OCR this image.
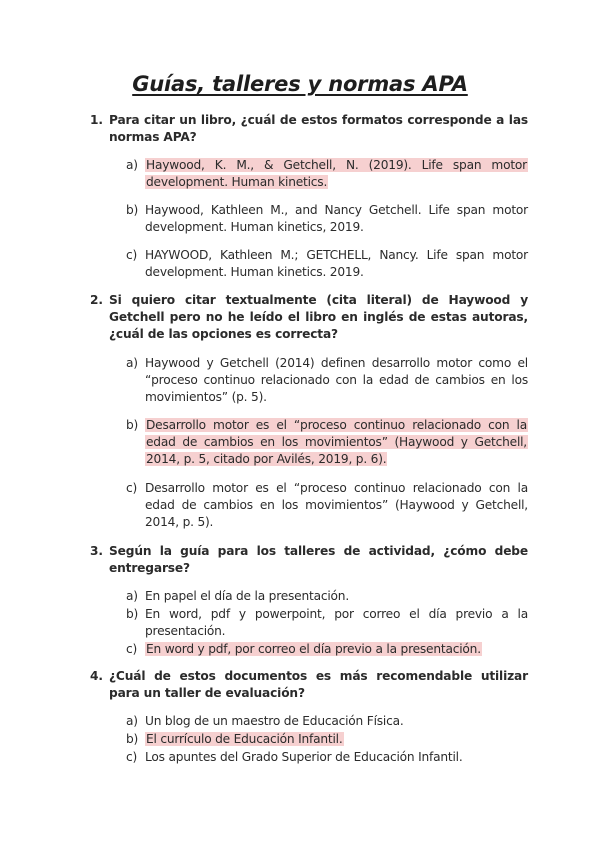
Guías, talleres y normas APA
1. Para citar un libro, ¿cuál de estos formatos corresponde a las normas APA?
a) Haywood, K. M., & Getchell, N. (2019). Life span motor development. Human kinetics.
b) Haywood, Kathleen M., and Nancy Getchell. Life span motor development. Human kinetics, 2019.
c) HAYWOOD, Kathleen M.; GETCHELL, Nancy. Life span motor development. Human kinetics. 2019.
2. Si quiero citar textualmente (cita literal) de Haywood y Getchell pero no he leído el libro en inglés de estas autoras, ¿cuál de las opciones es correcta?
a) Haywood y Getchell (2014) definen desarrollo motor como el “proceso continuo relacionado con la edad de cambios en los movimientos” (p. 5).
b) Desarrollo motor es el “proceso continuo relacionado con la edad de cambios en los movimientos” (Haywood y Getchell, 2014, p. 5, citado por Avilés, 2019, p. 6).
c) Desarrollo motor es el “proceso continuo relacionado con la edad de cambios en los movimientos” (Haywood y Getchell, 2014, p. 5).
3. Según la guía para los talleres de actividad, ¿cómo debe entregarse?
a) En papel el día de la presentación.
b) En word, pdf y powerpoint, por correo el día previo a la presentación.
c) En word y pdf, por correo el día previo a la presentación.
4. ¿Cuál de estos documentos es más recomendable utilizar para un taller de evaluación?
a) Un blog de un maestro de Educación Física.
b) El currículo de Educación Infantil.
c) Los apuntes del Grado Superior de Educación Infantil.
